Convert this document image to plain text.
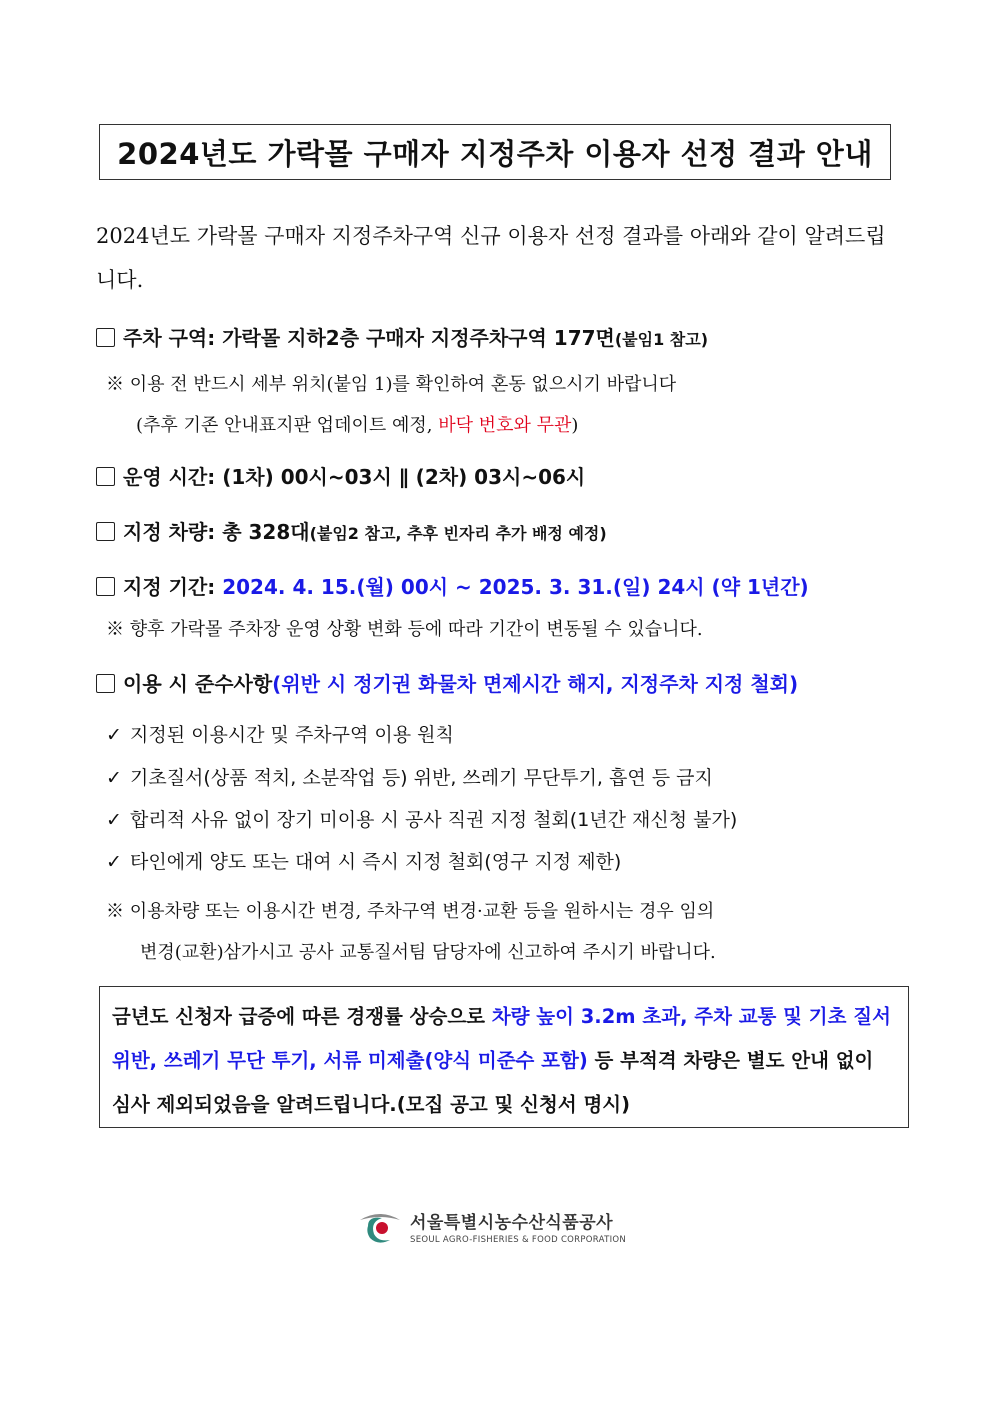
2024년도 가락몰 구매자 지정주차 이용자 선정 결과 안내
2024년도 가락몰 구매자 지정주차구역 신규 이용자 선정 결과를 아래와 같이 알려드립니다.
주차 구역: 가락몰 지하2층 구매자 지정주차구역 177면(붙임1 참고)
※ 이용 전 반드시 세부 위치(붙임 1)를 확인하여 혼동 없으시기 바랍니다
(추후 기존 안내표지판 업데이트 예정, 바닥 번호와 무관)
운영 시간: (1차) 00시~03시 ∥ (2차) 03시~06시
지정 차량: 총 328대(붙임2 참고, 추후 빈자리 추가 배정 예정)
지정 기간: 2024. 4. 15.(월) 00시 ~ 2025. 3. 31.(일) 24시 (약 1년간)
※ 향후 가락몰 주차장 운영 상황 변화 등에 따라 기간이 변동될 수 있습니다.
이용 시 준수사항(위반 시 정기권 화물차 면제시간 해지, 지정주차 지정 철회)
✓ 지정된 이용시간 및 주차구역 이용 원칙
✓ 기초질서(상품 적치, 소분작업 등) 위반, 쓰레기 무단투기, 흡연 등 금지
✓ 합리적 사유 없이 장기 미이용 시 공사 직권 지정 철회(1년간 재신청 불가)
✓ 타인에게 양도 또는 대여 시 즉시 지정 철회(영구 지정 제한)
※ 이용차량 또는 이용시간 변경, 주차구역 변경·교환 등을 원하시는 경우 임의
변경(교환)삼가시고 공사 교통질서팀 담당자에 신고하여 주시기 바랍니다.
금년도 신청자 급증에 따른 경쟁률 상승으로 차량 높이 3.2m 초과, 주차 교통 및 기초 질서 위반, 쓰레기 무단 투기, 서류 미제출(양식 미준수 포함) 등 부적격 차량은 별도 안내 없이 심사 제외되었음을 알려드립니다.(모집 공고 및 신청서 명시)
서울특별시농수산식품공사
SEOUL AGRO-FISHERIES & FOOD CORPORATION
